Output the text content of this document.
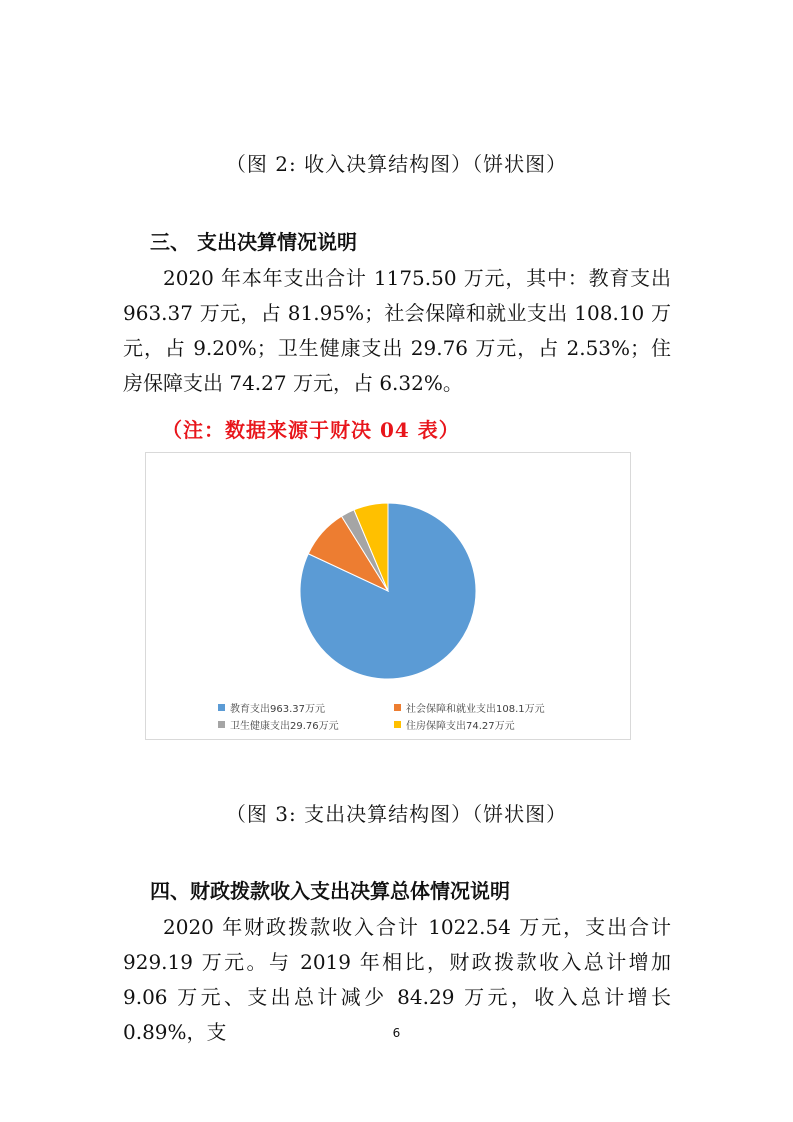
（图 2: 收入决算结构图）（饼状图）
三、 支出决算情况说明

2020 年本年支出合计 1175.50 万元，其中：教育支出 963.37 万元，占 81.95%；社会保障和就业支出 108.10 万元，占 9.20%；卫生健康支出 29.76 万元，占 2.53%；住房保障支出 74.27 万元，占 6.32%。

（注：数据来源于财决 04 表）
教育支出963.37万元	社会保障和就业支出108.1万元
卫生健康支出29.76万元	住房保障支出74.27万元
（图 3: 支出决算结构图）（饼状图）
四、财政拨款收入支出决算总体情况说明

2020 年财政拨款收入合计 1022.54 万元，支出合计 929.19 万元。与 2019 年相比，财政拨款收入总计增加 9.06 万元、支出总计减少 84.29 万元，收入总计增长 0.89%，支	6
